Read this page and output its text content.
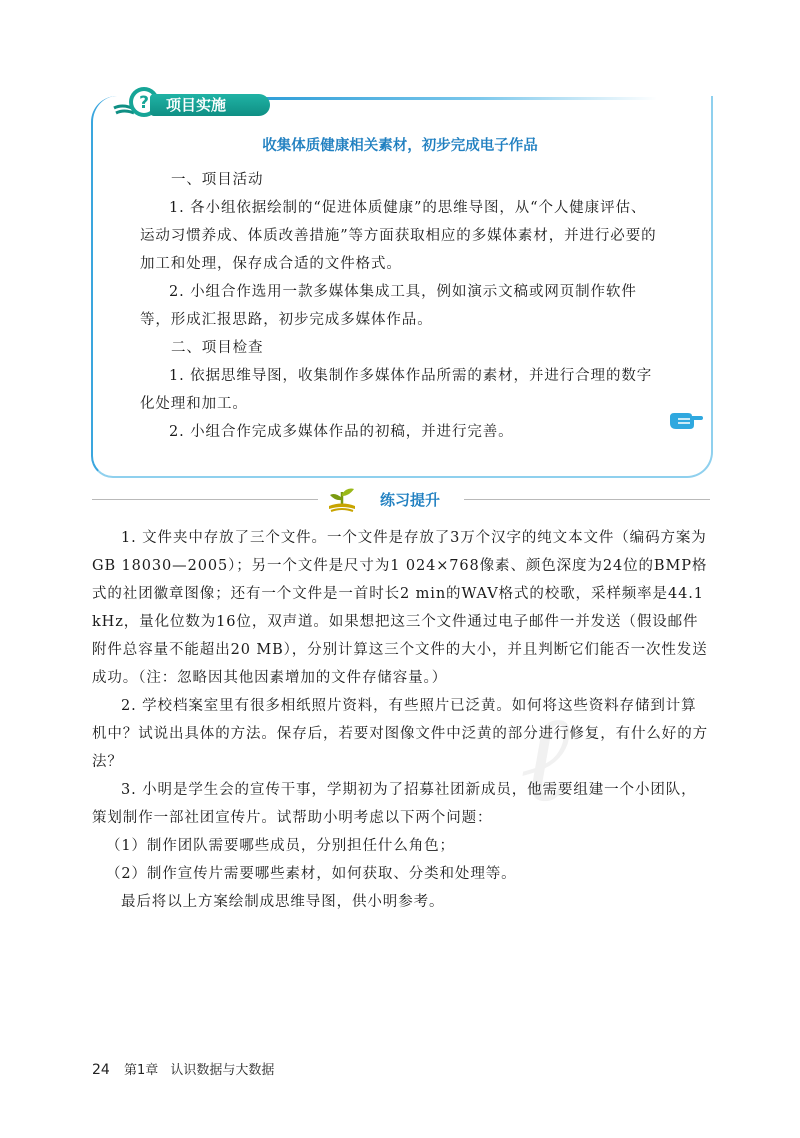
? 项目实施
收集体质健康相关素材，初步完成电子作品
一、项目活动

1. 各小组依据绘制的“促进体质健康”的思维导图，从“个人健康评估、运动习惯养成、体质改善措施”等方面获取相应的多媒体素材，并进行必要的加工和处理，保存成合适的文件格式。

2. 小组合作选用一款多媒体集成工具，例如演示文稿或网页制作软件等，形成汇报思路，初步完成多媒体作品。

二、项目检查

1. 依据思维导图，收集制作多媒体作品所需的素材，并进行合理的数字化处理和加工。

2. 小组合作完成多媒体作品的初稿，并进行完善。

练习提升
ℓ

1. 文件夹中存放了三个文件。一个文件是存放了3万个汉字的纯文本文件（编码方案为GB 18030—2005）；另一个文件是尺寸为1 024×768像素、颜色深度为24位的BMP格式的社团徽章图像；还有一个文件是一首时长2 min的WAV格式的校歌，采样频率是44.1 kHz，量化位数为16位，双声道。如果想把这三个文件通过电子邮件一并发送（假设邮件附件总容量不能超出20 MB），分别计算这三个文件的大小，并且判断它们能否一次性发送成功。（注：忽略因其他因素增加的文件存储容量。）

2. 学校档案室里有很多相纸照片资料，有些照片已泛黄。如何将这些资料存储到计算机中？试说出具体的方法。保存后，若要对图像文件中泛黄的部分进行修复，有什么好的方法？

3. 小明是学生会的宣传干事，学期初为了招募社团新成员，他需要组建一个小团队，策划制作一部社团宣传片。试帮助小明考虑以下两个问题：

（1）制作团队需要哪些成员，分别担任什么角色；

（2）制作宣传片需要哪些素材，如何获取、分类和处理等。

最后将以上方案绘制成思维导图，供小明参考。

24 第1章 认识数据与大数据
